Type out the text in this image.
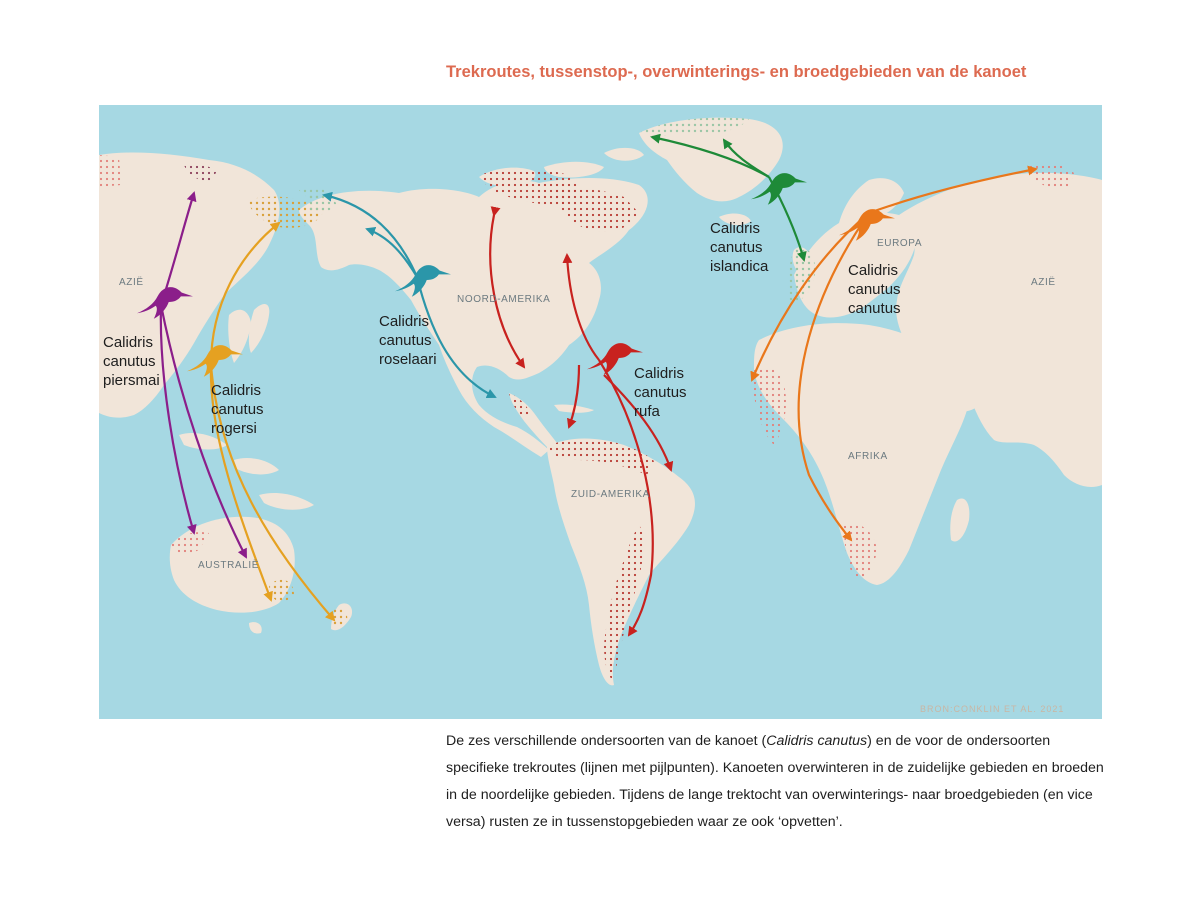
Trekroutes, tussenstop-, overwinterings- en broedgebieden van de kanoet
AZIË
NOORD-AMERIKA
ZUID-AMERIKA
EUROPA
AZIË
AFRIKA
AUSTRALIË
Calidris canutus piersmai
Calidris canutus rogersi
Calidris canutus roselaari
Calidris canutus rufa
Calidris canutus islandica	Calidris canutus canutus
BRON:CONKLIN ET AL. 2021

De zes verschillende ondersoorten van de kanoet (Calidris canutus) en de voor de ondersoorten specifieke trekroutes (lijnen met pijlpunten). Kanoeten overwinteren in de zuidelijke gebieden en broeden in de noordelijke gebieden. Tijdens de lange trektocht van overwinterings- naar broedgebieden (en vice versa) rusten ze in tussenstopgebieden waar ze ook ‘opvetten’.
